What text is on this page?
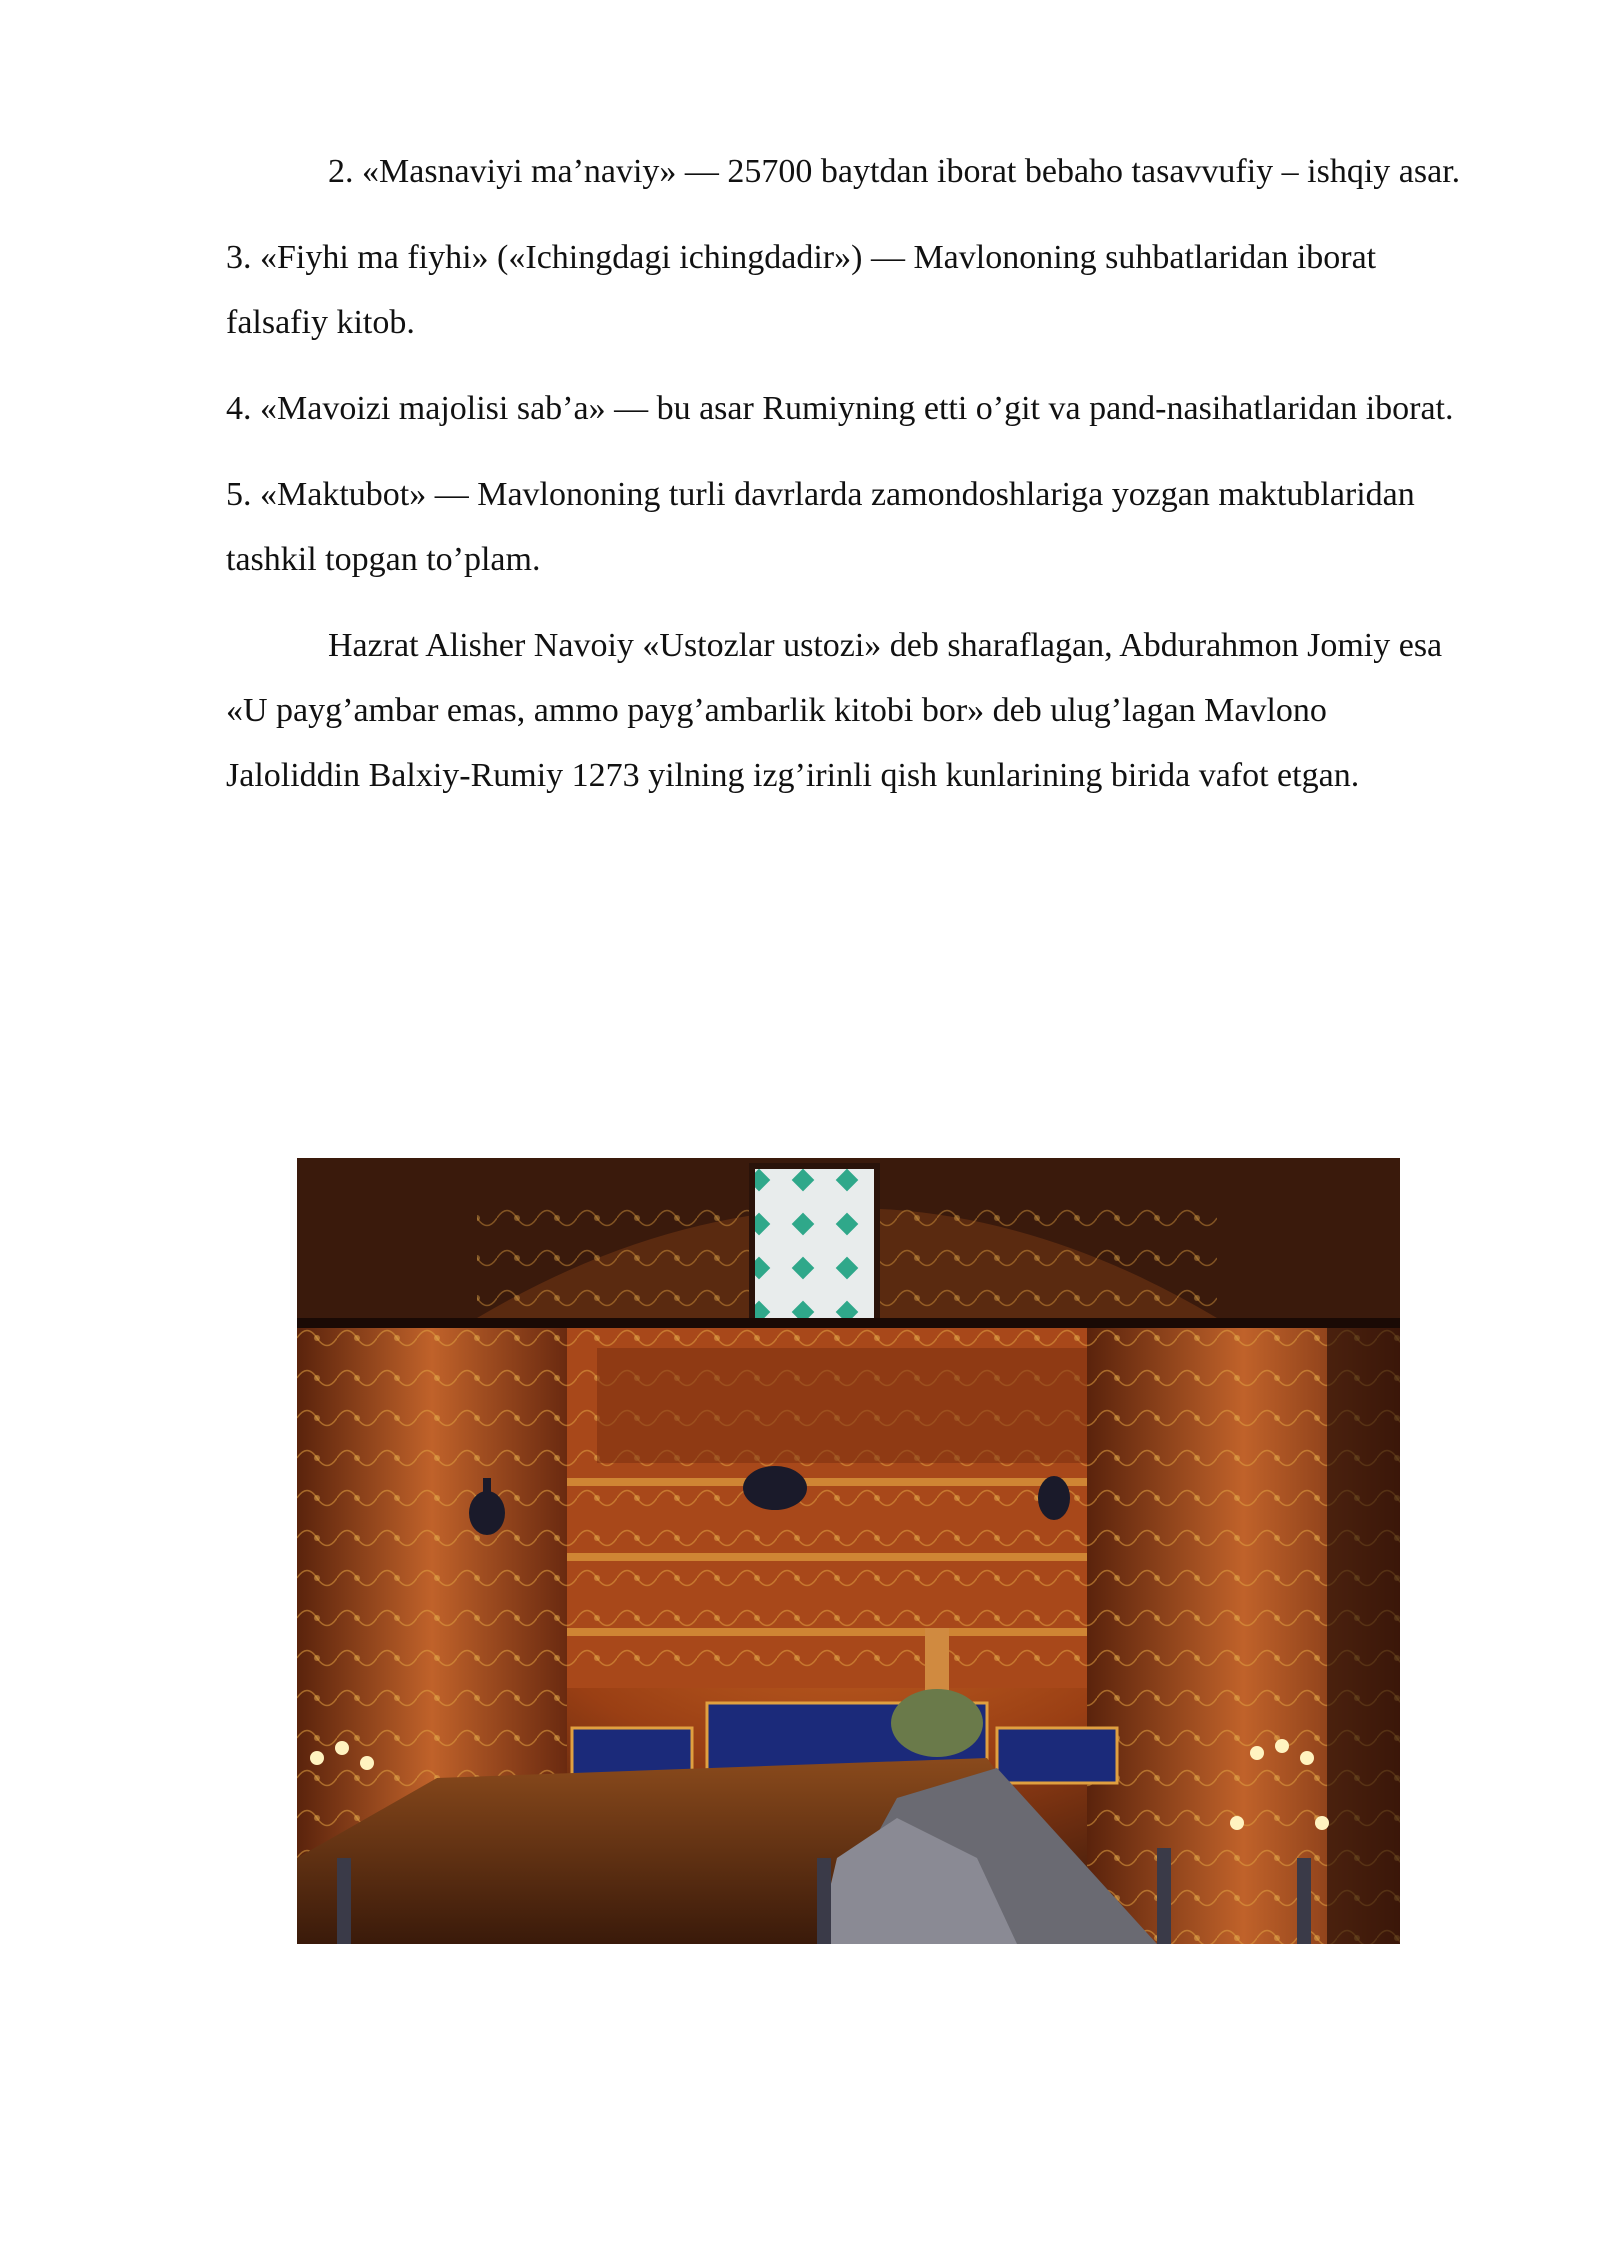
2. «Masnaviyi ma’naviy» — 25700 baytdan iborat bebaho tasavvufiy – ishqiy asar.

3. «Fiyhi ma fiyhi» («Ichingdagi ichingdadir») — Mavlononing suhbatlaridan iborat falsafiy kitob.

4. «Mavoizi majolisi sab’a» — bu asar Rumiyning etti o’git va pand-nasihatlaridan iborat.

5. «Maktubot» — Mavlononing turli davrlarda zamondoshlariga yozgan maktublaridan tashkil topgan to’plam.

Hazrat Alisher Navoiy «Ustozlar ustozi» deb sharaflagan, Abdurahmon Jomiy esa «U payg’ambar emas, ammo payg’ambarlik kitobi bor» deb ulug’lagan Mavlono Jaloliddin Balxiy-Rumiy 1273 yilning izg’irinli qish kunlarining birida vafot etgan.
